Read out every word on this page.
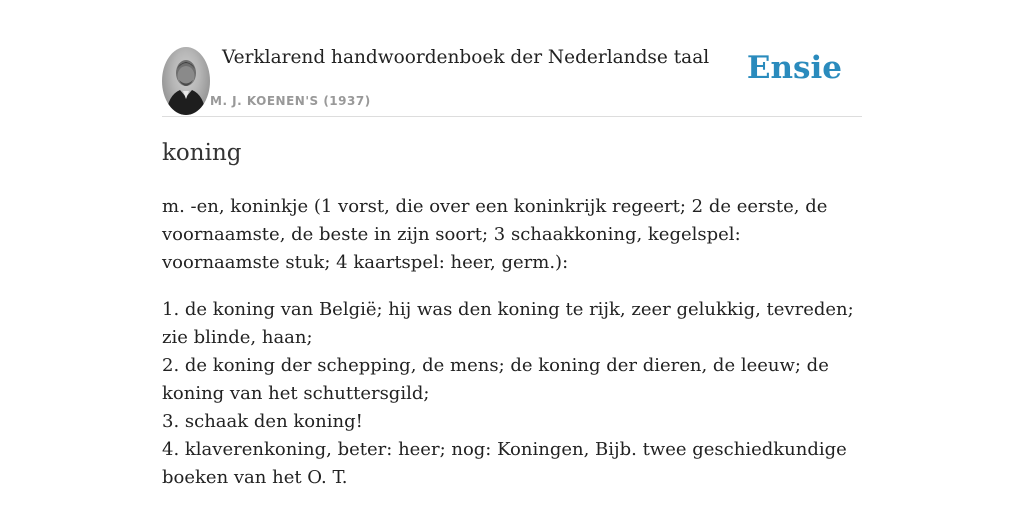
Verklarend handwoordenboek der Nederlandse taal
M. J. KOENEN'S (1937)
Ensie
koning

m. -en, koninkje (1 vorst, die over een koninkrijk regeert; 2 de eerste, de voornaamste, de beste in zijn soort; 3 schaakkoning, kegelspel: voornaamste stuk; 4 kaartspel: heer, germ.):

1. de koning van België; hij was den koning te rijk, zeer gelukkig, tevreden; zie blinde, haan;
2. de koning der schepping, de mens; de koning der dieren, de leeuw; de koning van het schuttersgild;
3. schaak den koning!
4. klaverenkoning, beter: heer; nog: Koningen, Bijb. twee geschiedkundige boeken van het O. T.
